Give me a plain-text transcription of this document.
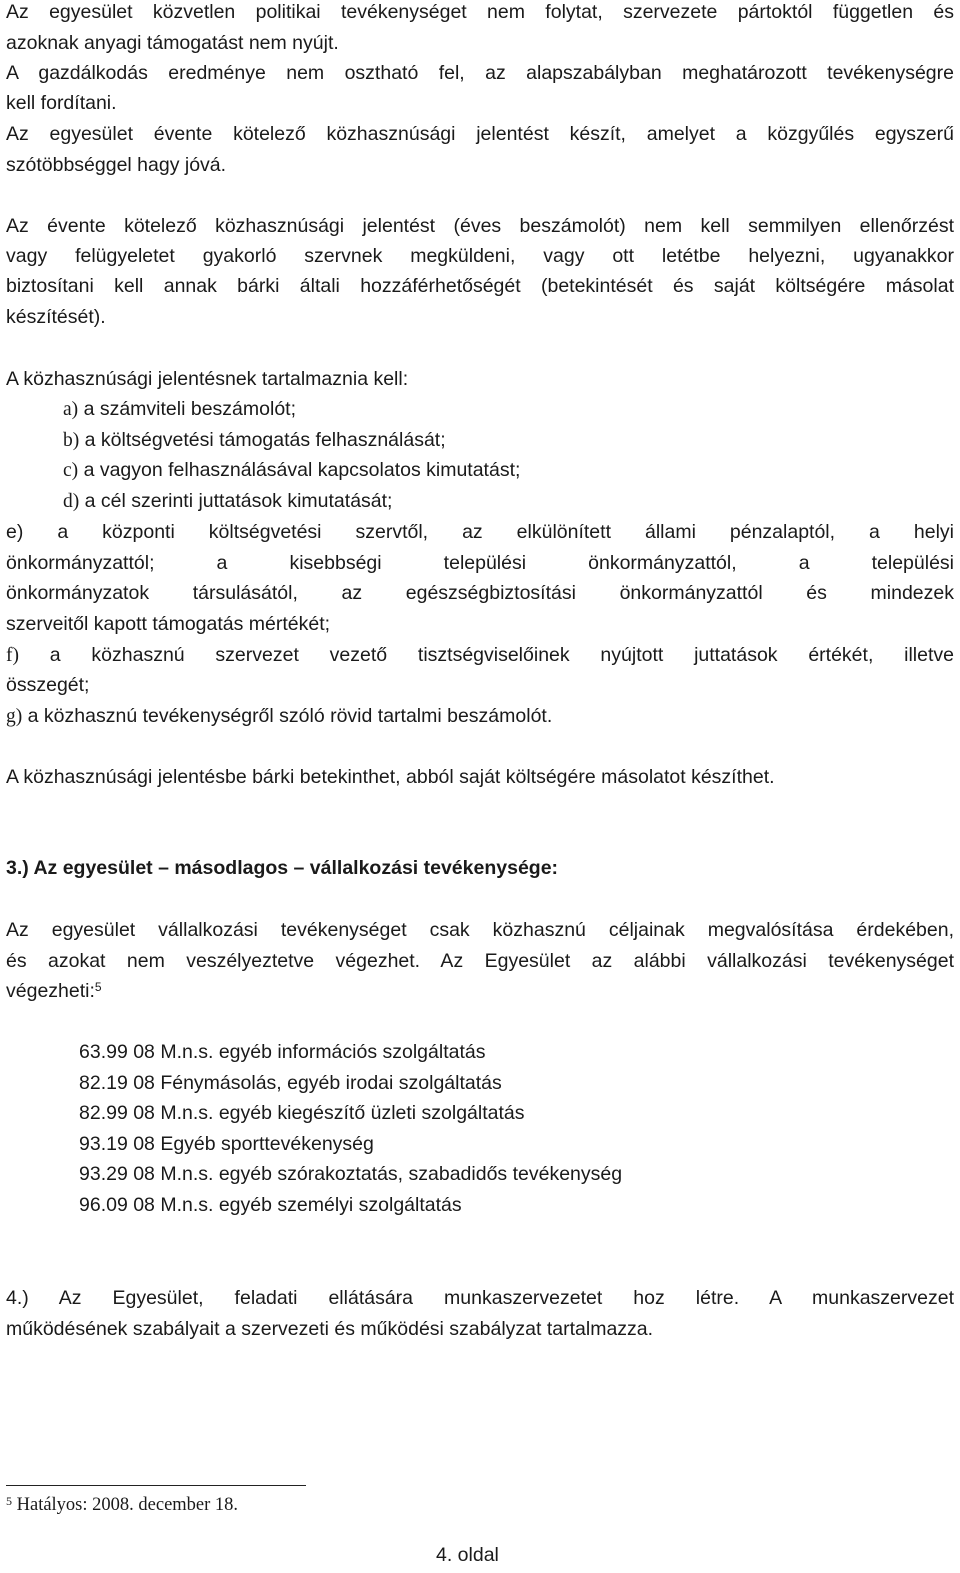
Az egyesület közvetlen politikai tevékenységet nem folytat, szervezete pártoktól független és
azoknak anyagi támogatást nem nyújt.
A gazdálkodás eredménye nem osztható fel, az alapszabályban meghatározott tevékenységre
kell fordítani.
Az egyesület évente kötelező közhasznúsági jelentést készít, amelyet a közgyűlés egyszerű
szótöbbséggel hagy jóvá.
Az évente kötelező közhasznúsági jelentést (éves beszámolót) nem kell semmilyen ellenőrzést
vagy felügyeletet gyakorló szervnek megküldeni, vagy ott letétbe helyezni, ugyanakkor
biztosítani kell annak bárki általi hozzáférhetőségét (betekintését és saját költségére másolat
készítését).
A közhasznúsági jelentésnek tartalmaznia kell:
a) a számviteli beszámolót;
b) a költségvetési támogatás felhasználását;
c) a vagyon felhasználásával kapcsolatos kimutatást;
d) a cél szerinti juttatások kimutatását;
e) a központi költségvetési szervtől, az elkülönített állami pénzalaptól, a helyi
önkormányzattól; a kisebbségi települési önkormányzattól, a települési
önkormányzatok társulásától, az egészségbiztosítási önkormányzattól és mindezek
szerveitől kapott támogatás mértékét;
f) a közhasznú szervezet vezető tisztségviselőinek nyújtott juttatások értékét, illetve
összegét;
g) a közhasznú tevékenységről szóló rövid tartalmi beszámolót.
A közhasznúsági jelentésbe bárki betekinthet, abból saját költségére másolatot készíthet.
3.) Az egyesület – másodlagos – vállalkozási tevékenysége:
Az egyesület vállalkozási tevékenységet csak közhasznú céljainak megvalósítása érdekében,
és azokat nem veszélyeztetve végezhet. Az Egyesület az alábbi vállalkozási tevékenységet
végezheti:$^5$
63.99 08 M.n.s. egyéb információs szolgáltatás
82.19 08 Fénymásolás, egyéb irodai szolgáltatás
82.99 08 M.n.s. egyéb kiegészítő üzleti szolgáltatás
93.19 08 Egyéb sporttevékenység
93.29 08 M.n.s. egyéb szórakoztatás, szabadidős tevékenység
96.09 08 M.n.s. egyéb személyi szolgáltatás
4.) Az Egyesület, feladati ellátására munkaszervezetet hoz létre. A munkaszervezet
működésének szabályait a szervezeti és működési szabályzat tartalmazza.
$^5$ Hatályos: 2008. december 18.
4. oldal
